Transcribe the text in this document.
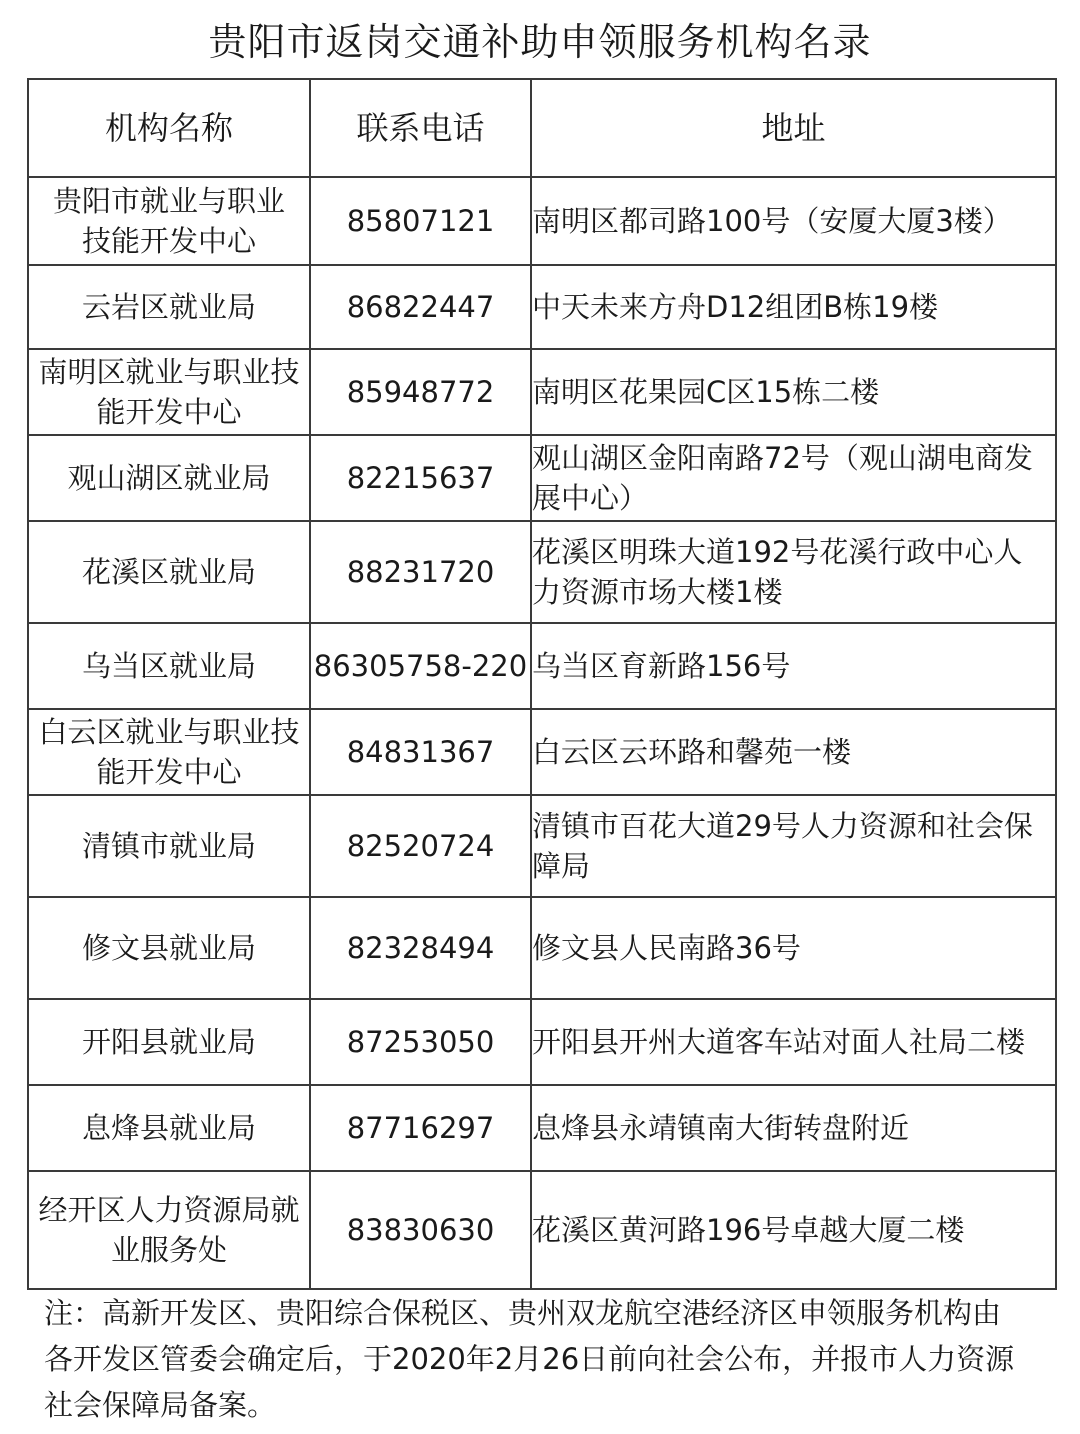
贵阳市返岗交通补助申领服务机构名录
机构名称	联系电话	地址

贵阳市就业与职业
技能开发中心	85807121	南明区都司路100号（安厦大厦3楼）

云岩区就业局	86822447	中天未来方舟D12组团B栋19楼

南明区就业与职业技
能开发中心	85948772	南明区花果园C区15栋二楼

观山湖区就业局	82215637	观山湖区金阳南路72号（观山湖电商发
展中心）

花溪区就业局	88231720	花溪区明珠大道192号花溪行政中心人
力资源市场大楼1楼

乌当区就业局	86305758-220	乌当区育新路156号

白云区就业与职业技
能开发中心	84831367	白云区云环路和馨苑一楼

清镇市就业局	82520724	清镇市百花大道29号人力资源和社会保
障局

修文县就业局	82328494	修文县人民南路36号

开阳县就业局	87253050	开阳县开州大道客车站对面人社局二楼

息烽县就业局	87716297	息烽县永靖镇南大街转盘附近

经开区人力资源局就
业服务处	83830630	花溪区黄河路196号卓越大厦二楼
注：高新开发区、贵阳综合保税区、贵州双龙航空港经济区申领服务机构由
各开发区管委会确定后，于2020年2月26日前向社会公布，并报市人力资源
社会保障局备案。
